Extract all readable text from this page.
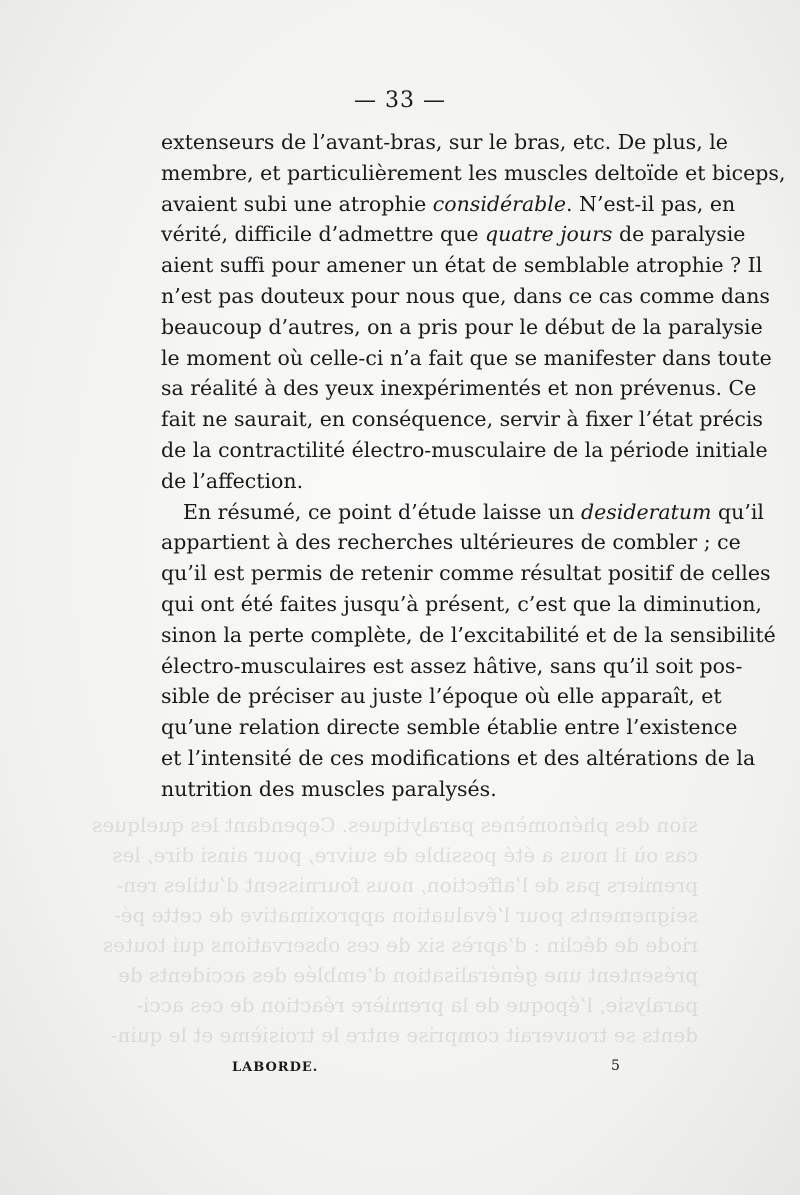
— 33 —
sion des phénomènes paralytiques. Cependant les quelques
cas où il nous a été possible de suivre, pour ainsi dire, les
premiers pas de l’affection, nous fournissent d’utiles ren-
seignements pour l’évaluation approximative de cette pé-
riode de déclin : d’après six de ces observations qui toutes
présentent une généralisation d’emblée des accidents de
paralysie, l’époque de la première réaction de ces acci-
dents se trouverait comprise entre le troisième et le quin-
extenseurs de l’avant-bras, sur le bras, etc. De plus, le
membre, et particulièrement les muscles deltoïde et biceps,
avaient subi une atrophie considérable. N’est-il pas, en
vérité, difficile d’admettre que quatre jours de paralysie
aient suffi pour amener un état de semblable atrophie ? Il
n’est pas douteux pour nous que, dans ce cas comme dans
beaucoup d’autres, on a pris pour le début de la paralysie
le moment où celle-ci n’a fait que se manifester dans toute
sa réalité à des yeux inexpérimentés et non prévenus. Ce
fait ne saurait, en conséquence, servir à fixer l’état précis
de la contractilité électro-musculaire de la période initiale
de l’affection.
En résumé, ce point d’étude laisse un desideratum qu’il
appartient à des recherches ultérieures de combler ; ce
qu’il est permis de retenir comme résultat positif de celles
qui ont été faites jusqu’à présent, c’est que la diminution,
sinon la perte complète, de l’excitabilité et de la sensibilité
électro-musculaires est assez hâtive, sans qu’il soit pos-
sible de préciser au juste l’époque où elle apparaît, et
qu’une relation directe semble établie entre l’existence
et l’intensité de ces modifications et des altérations de la
nutrition des muscles paralysés.
LABORDE.	5
